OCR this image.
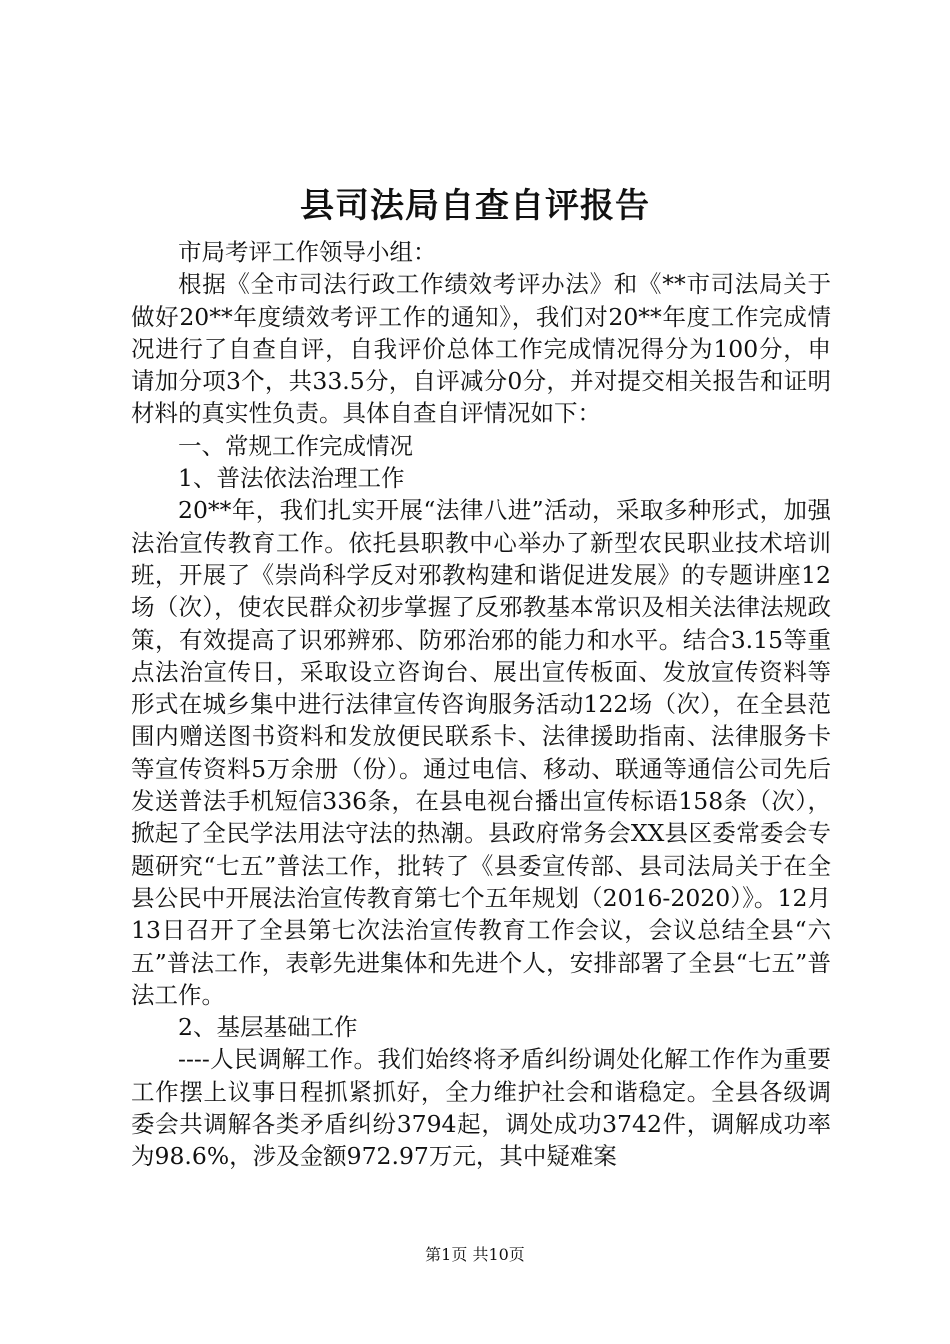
县司法局自查自评报告

市局考评工作领导小组：

根据《全市司法行政工作绩效考评办法》和《**市司法局关于做好20**年度绩效考评工作的通知》，我们对20**年度工作完成情况进行了自查自评，自我评价总体工作完成情况得分为100分，申请加分项3个，共33.5分，自评减分0分，并对提交相关报告和证明材料的真实性负责。具体自查自评情况如下：

一、常规工作完成情况

1、普法依法治理工作

20**年，我们扎实开展“法律八进”活动，采取多种形式，加强法治宣传教育工作。依托县职教中心举办了新型农民职业技术培训班，开展了《崇尚科学反对邪教构建和谐促进发展》的专题讲座12场（次），使农民群众初步掌握了反邪教基本常识及相关法律法规政策，有效提高了识邪辨邪、防邪治邪的能力和水平。结合3.15等重点法治宣传日，采取设立咨询台、展出宣传板面、发放宣传资料等形式在城乡集中进行法律宣传咨询服务活动122场（次），在全县范围内赠送图书资料和发放便民联系卡、法律援助指南、法律服务卡等宣传资料5万余册（份）。通过电信、移动、联通等通信公司先后发送普法手机短信336条，在县电视台播出宣传标语158条（次），掀起了全民学法用法守法的热潮。县政府常务会XX县区委常委会专题研究“七五”普法工作，批转了《县委宣传部、县司法局关于在全县公民中开展法治宣传教育第七个五年规划（2016-2020）》。12月13日召开了全县第七次法治宣传教育工作会议，会议总结全县“六五”普法工作，表彰先进集体和先进个人，安排部署了全县“七五”普法工作。

2、基层基础工作

----人民调解工作。我们始终将矛盾纠纷调处化解工作作为重要工作摆上议事日程抓紧抓好，全力维护社会和谐稳定。全县各级调委会共调解各类矛盾纠纷3794起，调处成功3742件，调解成功率为98.6%，涉及金额972.97万元，其中疑难案

第1页 共10页
